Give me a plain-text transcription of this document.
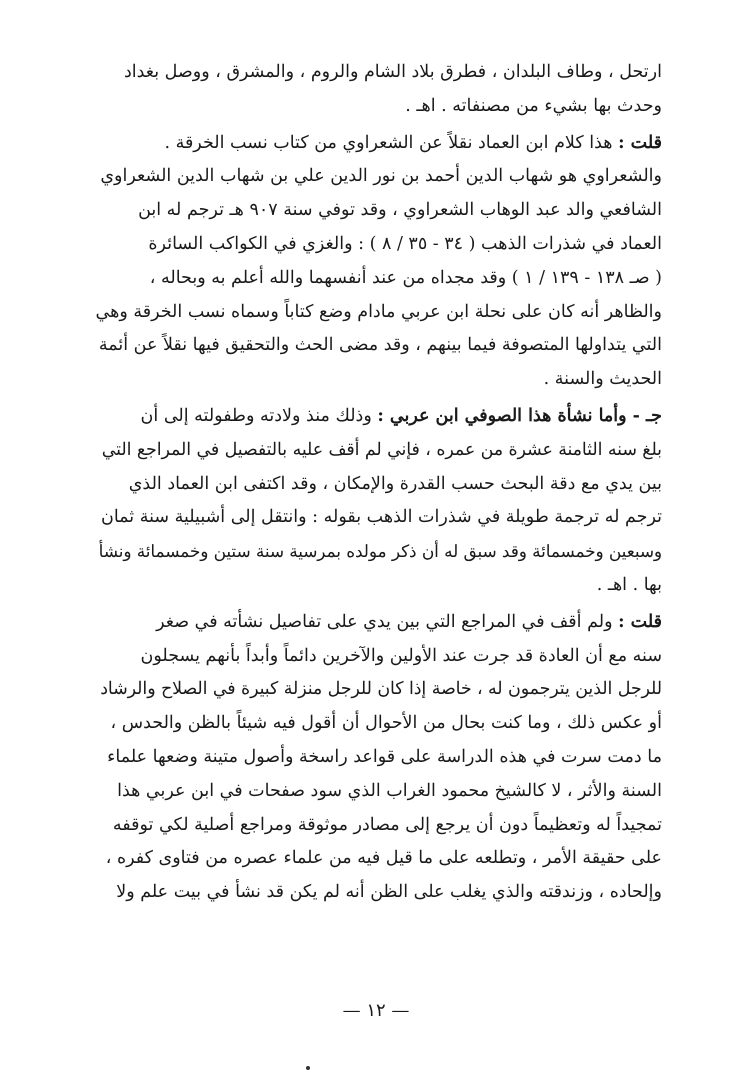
ارتحل ، وطاف البلدان ، فطرق بلاد الشام والروم ، والمشرق ، ووصل بغداد
وحدث بها بشيء من مصنفاته . اهـ .

قلت : هذا كلام ابن العماد نقلاً عن الشعراوي من كتاب نسب الخرقة .
والشعراوي هو شهاب الدين أحمد بن نور الدين علي بن شهاب الدين الشعراوي
الشافعي والد عبد الوهاب الشعراوي ، وقد توفي سنة ٩٠٧ هـ ترجم له ابن
العماد في شذرات الذهب ( ٣٤ - ٣٥ / ٨ ) : والغزي في الكواكب السائرة
( صـ ١٣٨ - ١٣٩ / ١ ) وقد مجداه من عند أنفسهما والله أعلم به وبحاله ،
والظاهر أنه كان على نحلة ابن عربي مادام وضع كتاباً وسماه نسب الخرقة وهي
التي يتداولها المتصوفة فيما بينهم ، وقد مضى الحث والتحقيق فيها نقلاً عن أئمة
الحديث والسنة .

جـ - وأما نشأة هذا الصوفي ابن عربي : وذلك منذ ولادته وطفولته إلى أن
بلغ سنه الثامنة عشرة من عمره ، فإني لم أقف عليه بالتفصيل في المراجع التي
بين يدي مع دقة البحث حسب القدرة والإمكان ، وقد اكتفى ابن العماد الذي
ترجم له ترجمة طويلة في شذرات الذهب بقوله : وانتقل إلى أشبيلية سنة ثمان
وسبعين وخمسمائة وقد سبق له أن ذكر مولده بمرسية سنة ستين وخمسمائة ونشأ
بها . اهـ .

قلت : ولم أقف في المراجع التي بين يدي على تفاصيل نشأته في صغر
سنه مع أن العادة قد جرت عند الأولين والآخرين دائماً وأبداً بأنهم يسجلون
للرجل الذين يترجمون له ، خاصة إذا كان للرجل منزلة كبيرة في الصلاح والرشاد
أو عكس ذلك ، وما كنت بحال من الأحوال أن أقول فيه شيئاً بالظن والحدس ،
ما دمت سرت في هذه الدراسة على قواعد راسخة وأصول متينة وضعها علماء
السنة والأثر ، لا كالشيخ محمود الغراب الذي سود صفحات في ابن عربي هذا
تمجيداً له وتعظيماً دون أن يرجع إلى مصادر موثوقة ومراجع أصلية لكي توقفه
على حقيقة الأمر ، وتطلعه على ما قيل فيه من علماء عصره من فتاوى كفره ،
وإلحاده ، وزندقته والذي يغلب على الظن أنه لم يكن قد نشأ في بيت علم ولا

— ١٢ —
